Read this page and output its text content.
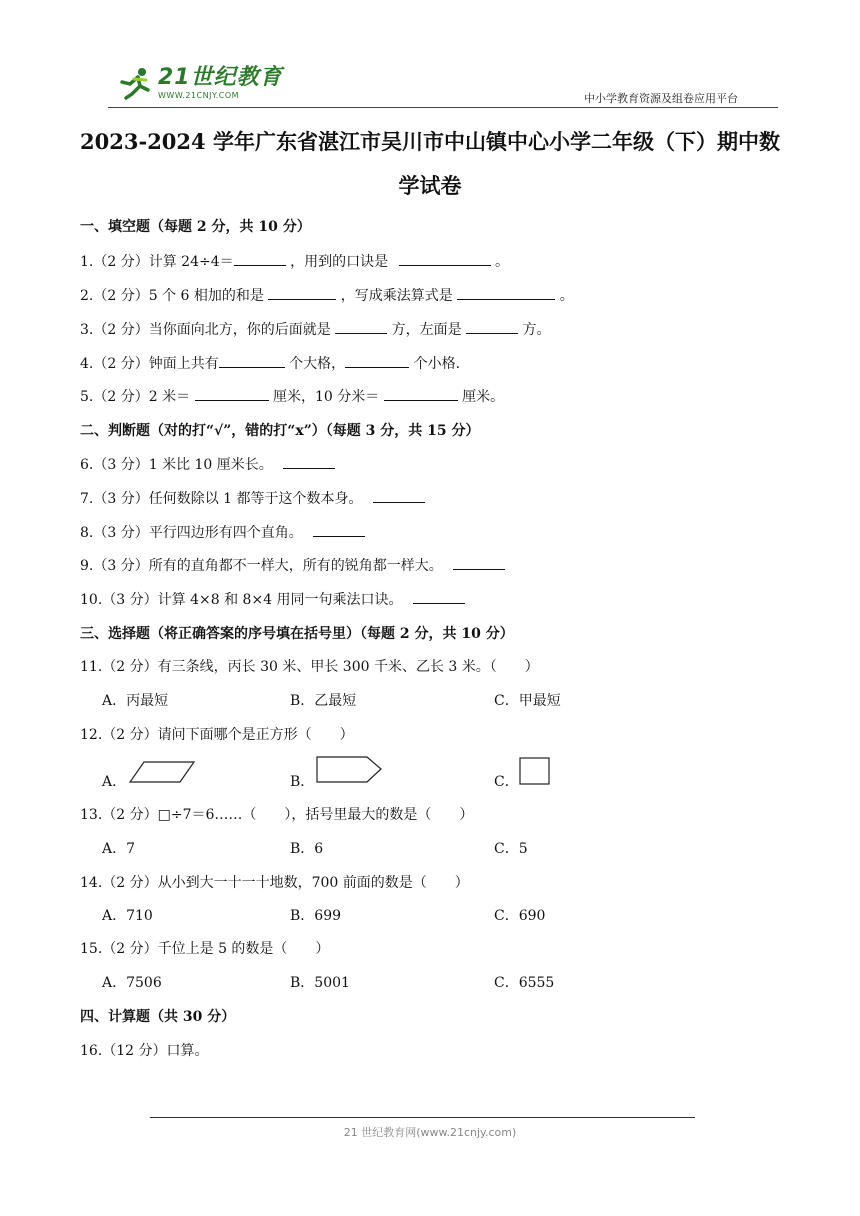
21世纪教育
WWW.21CNJY.COM	中小学教育资源及组卷应用平台
2023-2024 学年广东省湛江市吴川市中山镇中心小学二年级（下）期中数
学试卷
一、填空题（每题 2 分，共 10 分）
1.（2 分）计算 24÷4＝	，用到的口诀是	。
2.（2 分）5 个 6 相加的和是	，写成乘法算式是	。
3.（2 分）当你面向北方，你的后面就是	方，左面是	方。
4.（2 分）钟面上共有	个大格，	个小格.
5.（2 分）2 米＝	厘米，10 分米＝	厘米。
二、判断题（对的打“√”，错的打“x”）（每题 3 分，共 15 分）
6.（3 分）1 米比 10 厘米长。
7.（3 分）任何数除以 1 都等于这个数本身。
8.（3 分）平行四边形有四个直角。
9.（3 分）所有的直角都不一样大，所有的锐角都一样大。
10.（3 分）计算 4×8 和 8×4 用同一句乘法口诀。
三、选择题（将正确答案的序号填在括号里）（每题 2 分，共 10 分）
11.（2 分）有三条线，丙长 30 米、甲长 300 千米、乙长 3 米。（　　）
A．丙最短	B．乙最短	C．甲最短
12.（2 分）请问下面哪个是正方形（　　）
A．	B．	C．
13.（2 分）□÷7＝6……（　　），括号里最大的数是（　　）
A．7	B．6	C．5
14.（2 分）从小到大一十一十地数，700 前面的数是（　　）
A．710	B．699	C．690
15.（2 分）千位上是 5 的数是（　　）
A．7506	B．5001	C．6555
四、计算题（共 30 分）
16.（12 分）口算。
21 世纪教育网(www.21cnjy.com)
